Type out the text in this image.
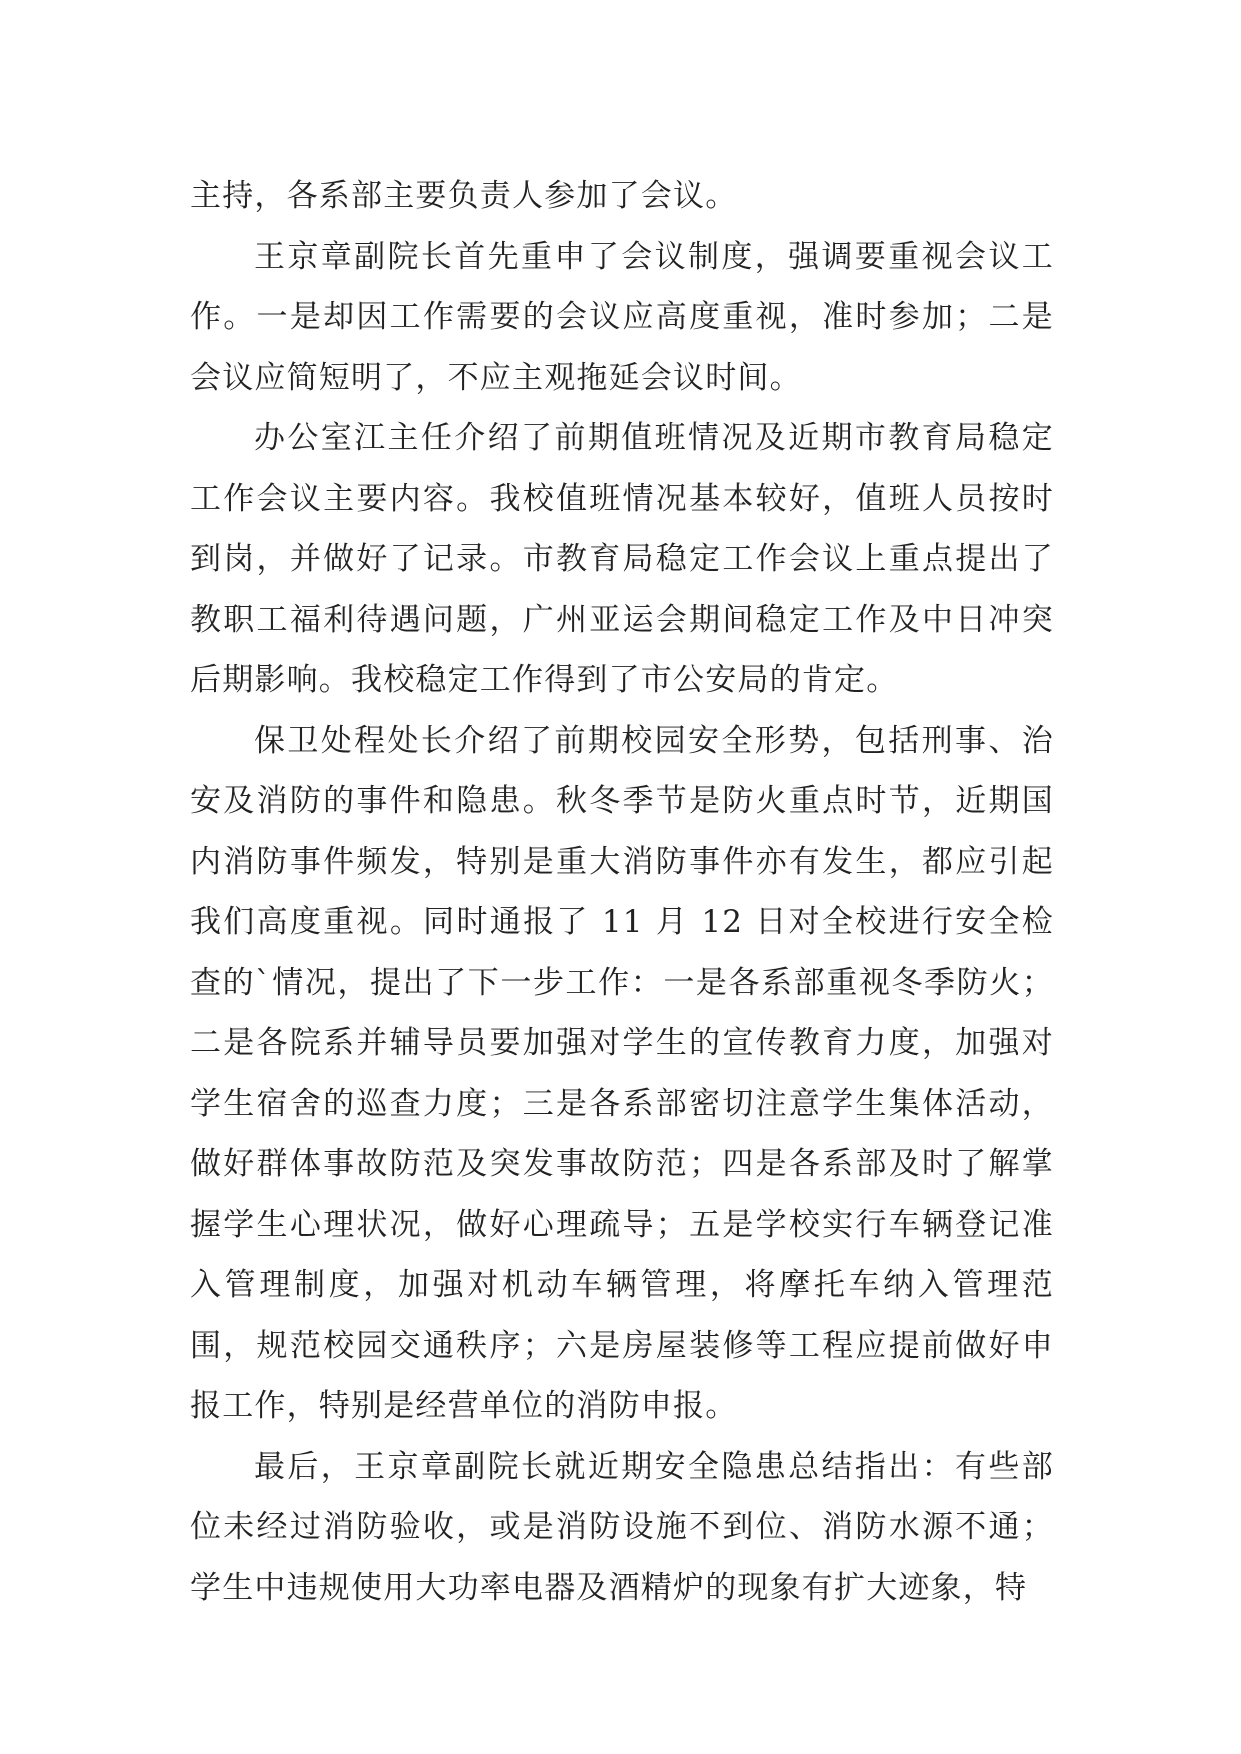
主持，各系部主要负责人参加了会议。

王京章副院长首先重申了会议制度，强调要重视会议工作。一是却因工作需要的会议应高度重视，准时参加；二是会议应简短明了，不应主观拖延会议时间。

办公室江主任介绍了前期值班情况及近期市教育局稳定工作会议主要内容。我校值班情况基本较好，值班人员按时到岗，并做好了记录。市教育局稳定工作会议上重点提出了教职工福利待遇问题，广州亚运会期间稳定工作及中日冲突后期影响。我校稳定工作得到了市公安局的肯定。

保卫处程处长介绍了前期校园安全形势，包括刑事、治安及消防的事件和隐患。秋冬季节是防火重点时节，近期国内消防事件频发，特别是重大消防事件亦有发生，都应引起我们高度重视。同时通报了 11 月 12 日对全校进行安全检查的`情况，提出了下一步工作：一是各系部重视冬季防火；二是各院系并辅导员要加强对学生的宣传教育力度，加强对学生宿舍的巡查力度；三是各系部密切注意学生集体活动，做好群体事故防范及突发事故防范；四是各系部及时了解掌握学生心理状况，做好心理疏导；五是学校实行车辆登记准入管理制度，加强对机动车辆管理，将摩托车纳入管理范围，规范校园交通秩序；六是房屋装修等工程应提前做好申报工作，特别是经营单位的消防申报。

最后，王京章副院长就近期安全隐患总结指出：有些部位未经过消防验收，或是消防设施不到位、消防水源不通；学生中违规使用大功率电器及酒精炉的现象有扩大迹象，特
